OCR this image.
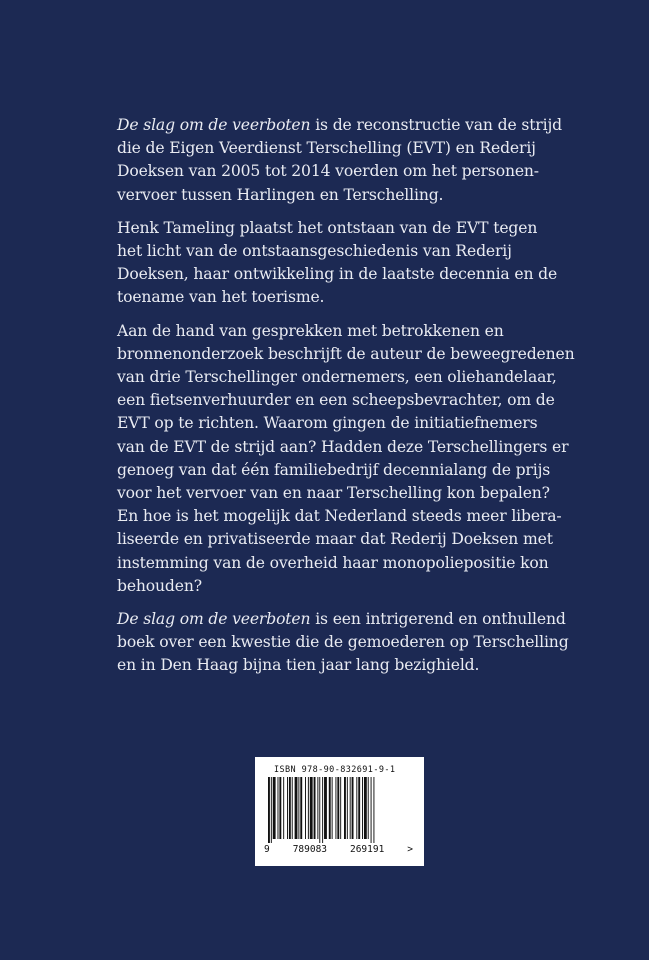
De slag om de veerboten is de reconstructie van de strijd
die de Eigen Veerdienst Terschelling (EVT) en Rederij
Doeksen van 2005 tot 2014 voerden om het personen-
vervoer tussen Harlingen en Terschelling.
Henk Tameling plaatst het ontstaan van de EVT tegen
het licht van de ontstaansgeschiedenis van Rederij
Doeksen, haar ontwikkeling in de laatste decennia en de
toename van het toerisme.
Aan de hand van gesprekken met betrokkenen en
bronnenonderzoek beschrijft de auteur de beweegredenen
van drie Terschellinger ondernemers, een oliehandelaar,
een fietsenverhuurder en een scheepsbevrachter, om de
EVT op te richten. Waarom gingen de initiatiefnemers
van de EVT de strijd aan? Hadden deze Terschellingers er
genoeg van dat één familiebedrijf decennialang de prijs
voor het vervoer van en naar Terschelling kon bepalen?
En hoe is het mogelijk dat Nederland steeds meer libera-
liseerde en privatiseerde maar dat Rederij Doeksen met
instemming van de overheid haar monopoliepositie kon
behouden?
De slag om de veerboten is een intrigerend en onthullend
boek over een kwestie die de gemoederen op Terschelling
en in Den Haag bijna tien jaar lang bezighield.
ISBN 978-90-832691-9-1
9 789083 269191 >
